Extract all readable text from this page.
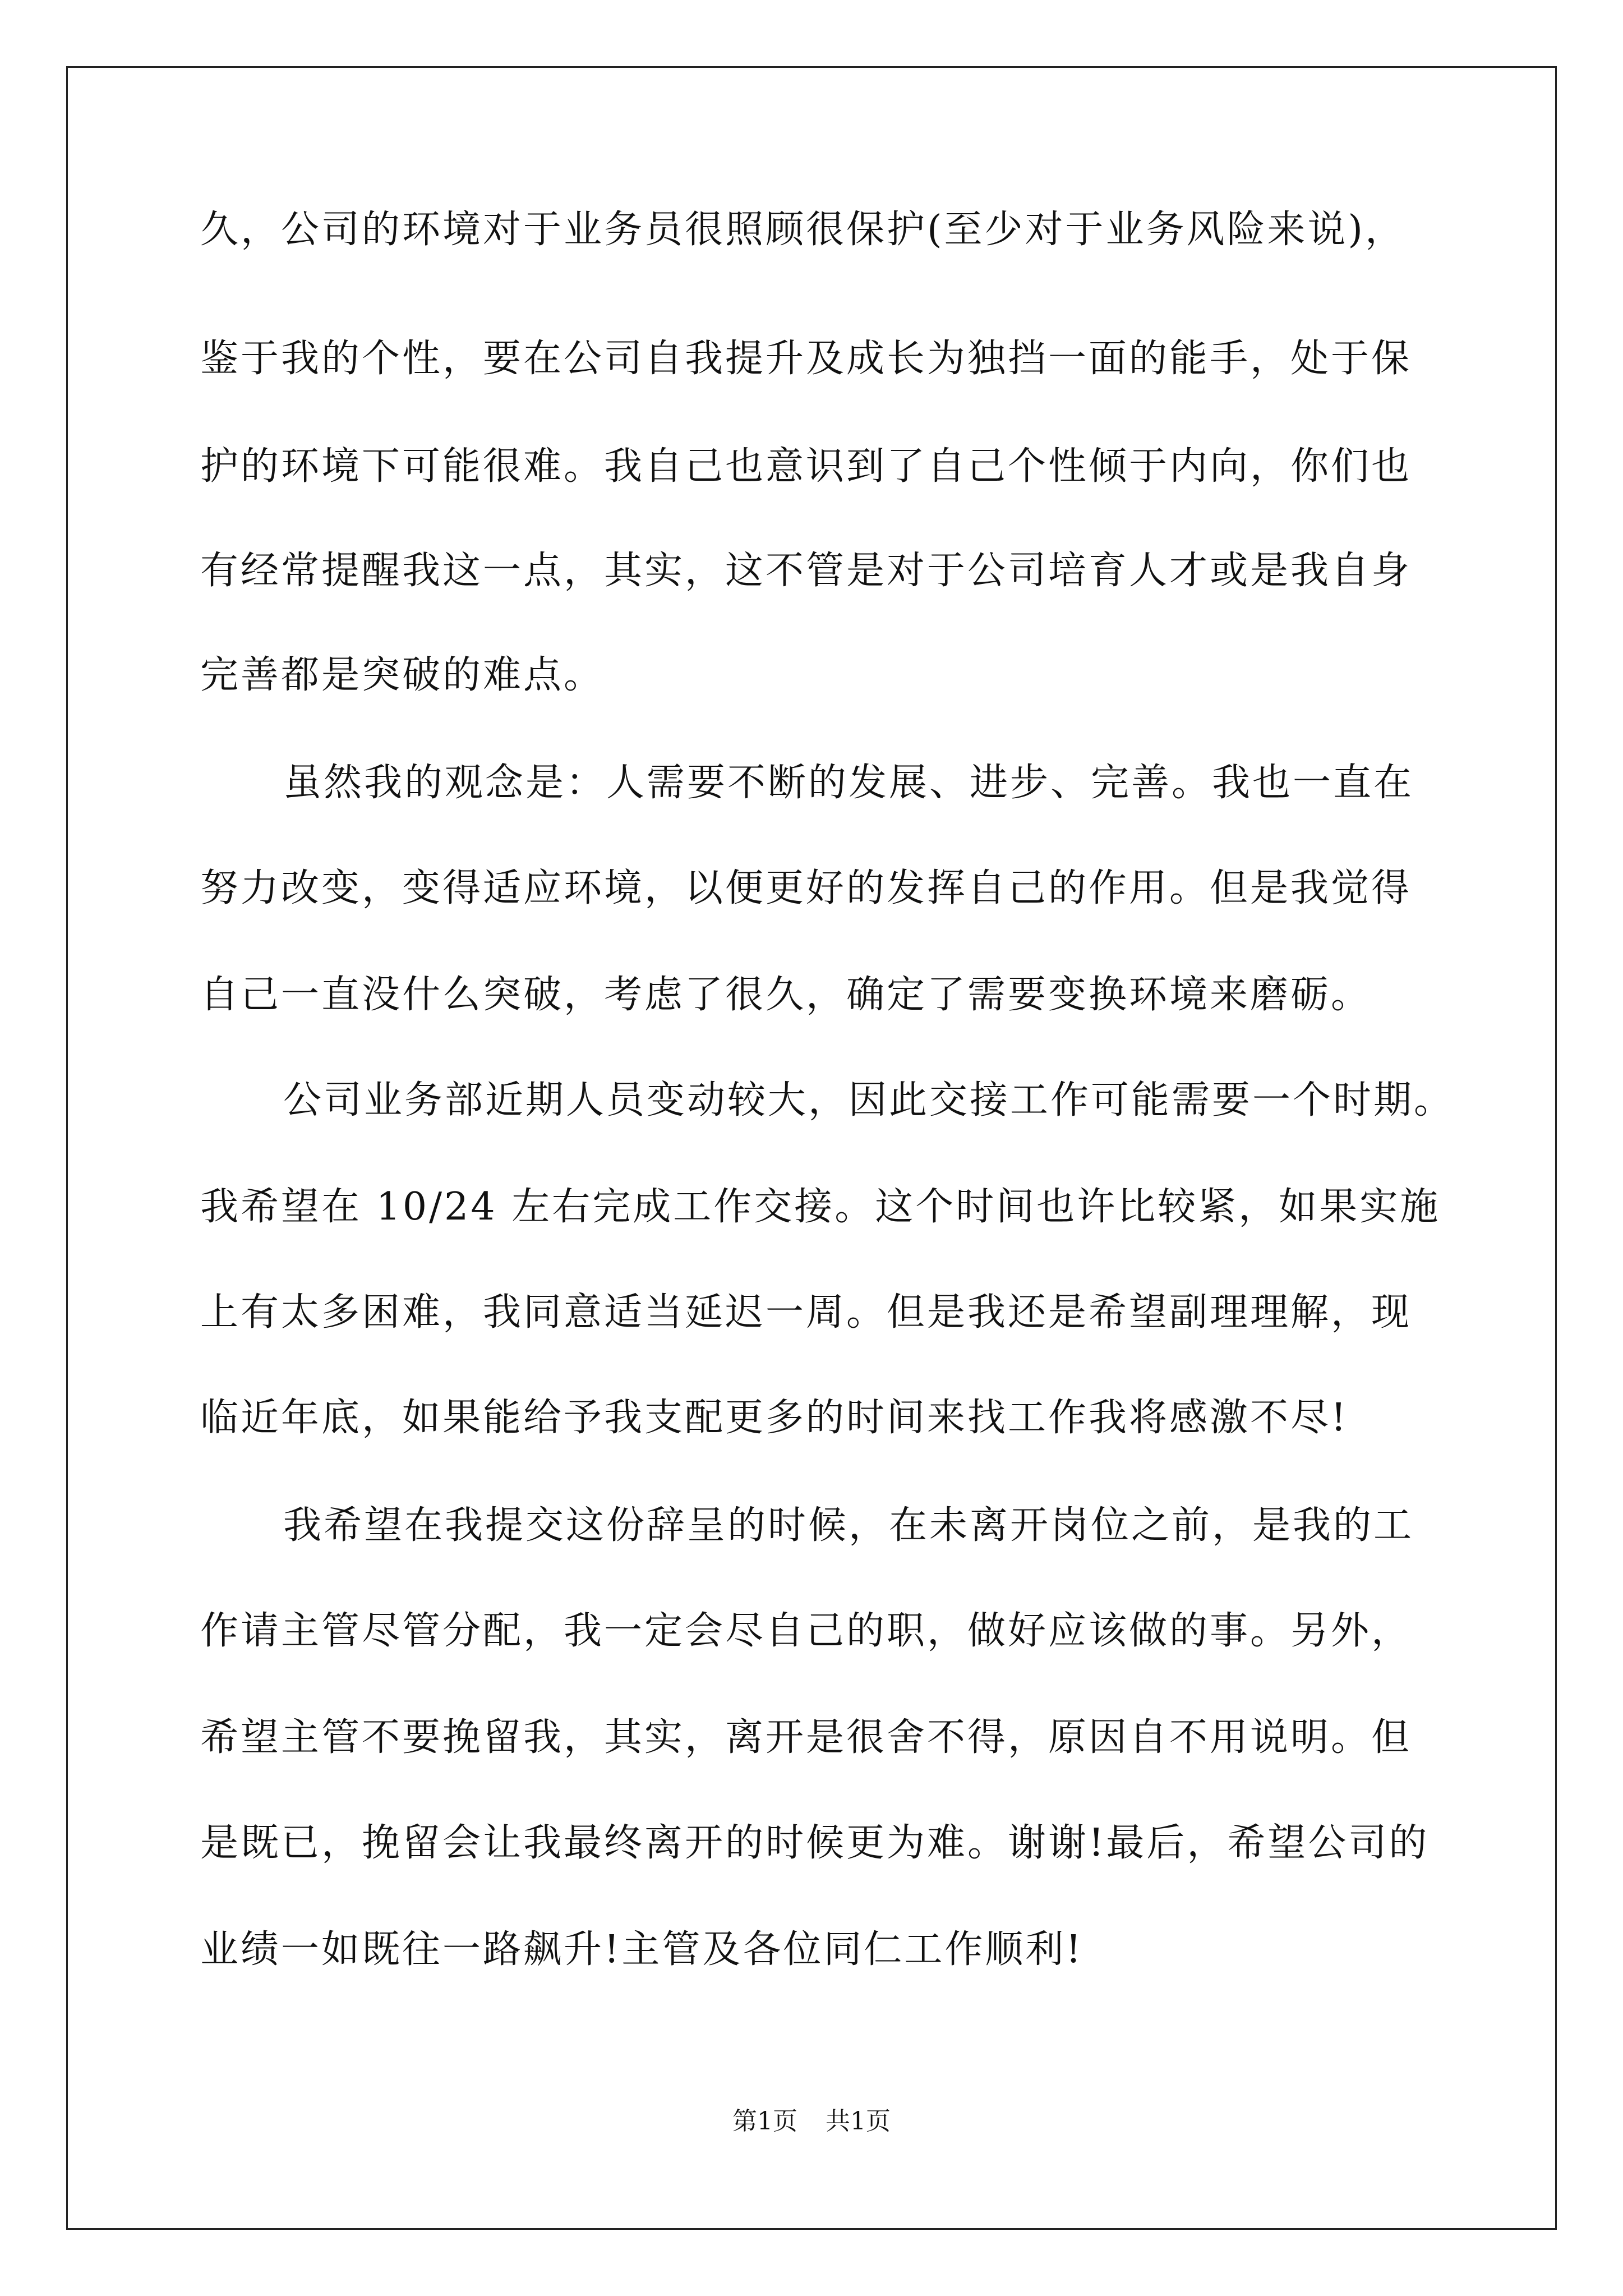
久，公司的环境对于业务员很照顾很保护(至少对于业务风险来说)，
鉴于我的个性，要在公司自我提升及成长为独挡一面的能手，处于保
护的环境下可能很难。我自己也意识到了自己个性倾于内向，你们也
有经常提醒我这一点，其实，这不管是对于公司培育人才或是我自身
完善都是突破的难点。
虽然我的观念是：人需要不断的发展、进步、完善。我也一直在
努力改变，变得适应环境，以便更好的发挥自己的作用。但是我觉得
自己一直没什么突破，考虑了很久，确定了需要变换环境来磨砺。
公司业务部近期人员变动较大，因此交接工作可能需要一个时期。
我希望在 10/24 左右完成工作交接。这个时间也许比较紧，如果实施
上有太多困难，我同意适当延迟一周。但是我还是希望副理理解，现
临近年底，如果能给予我支配更多的时间来找工作我将感激不尽!
我希望在我提交这份辞呈的时候，在未离开岗位之前，是我的工
作请主管尽管分配，我一定会尽自己的职，做好应该做的事。另外，
希望主管不要挽留我，其实，离开是很舍不得，原因自不用说明。但
是既已，挽留会让我最终离开的时候更为难。谢谢!最后，希望公司的
业绩一如既往一路飙升!主管及各位同仁工作顺利!
第1页 共1页
